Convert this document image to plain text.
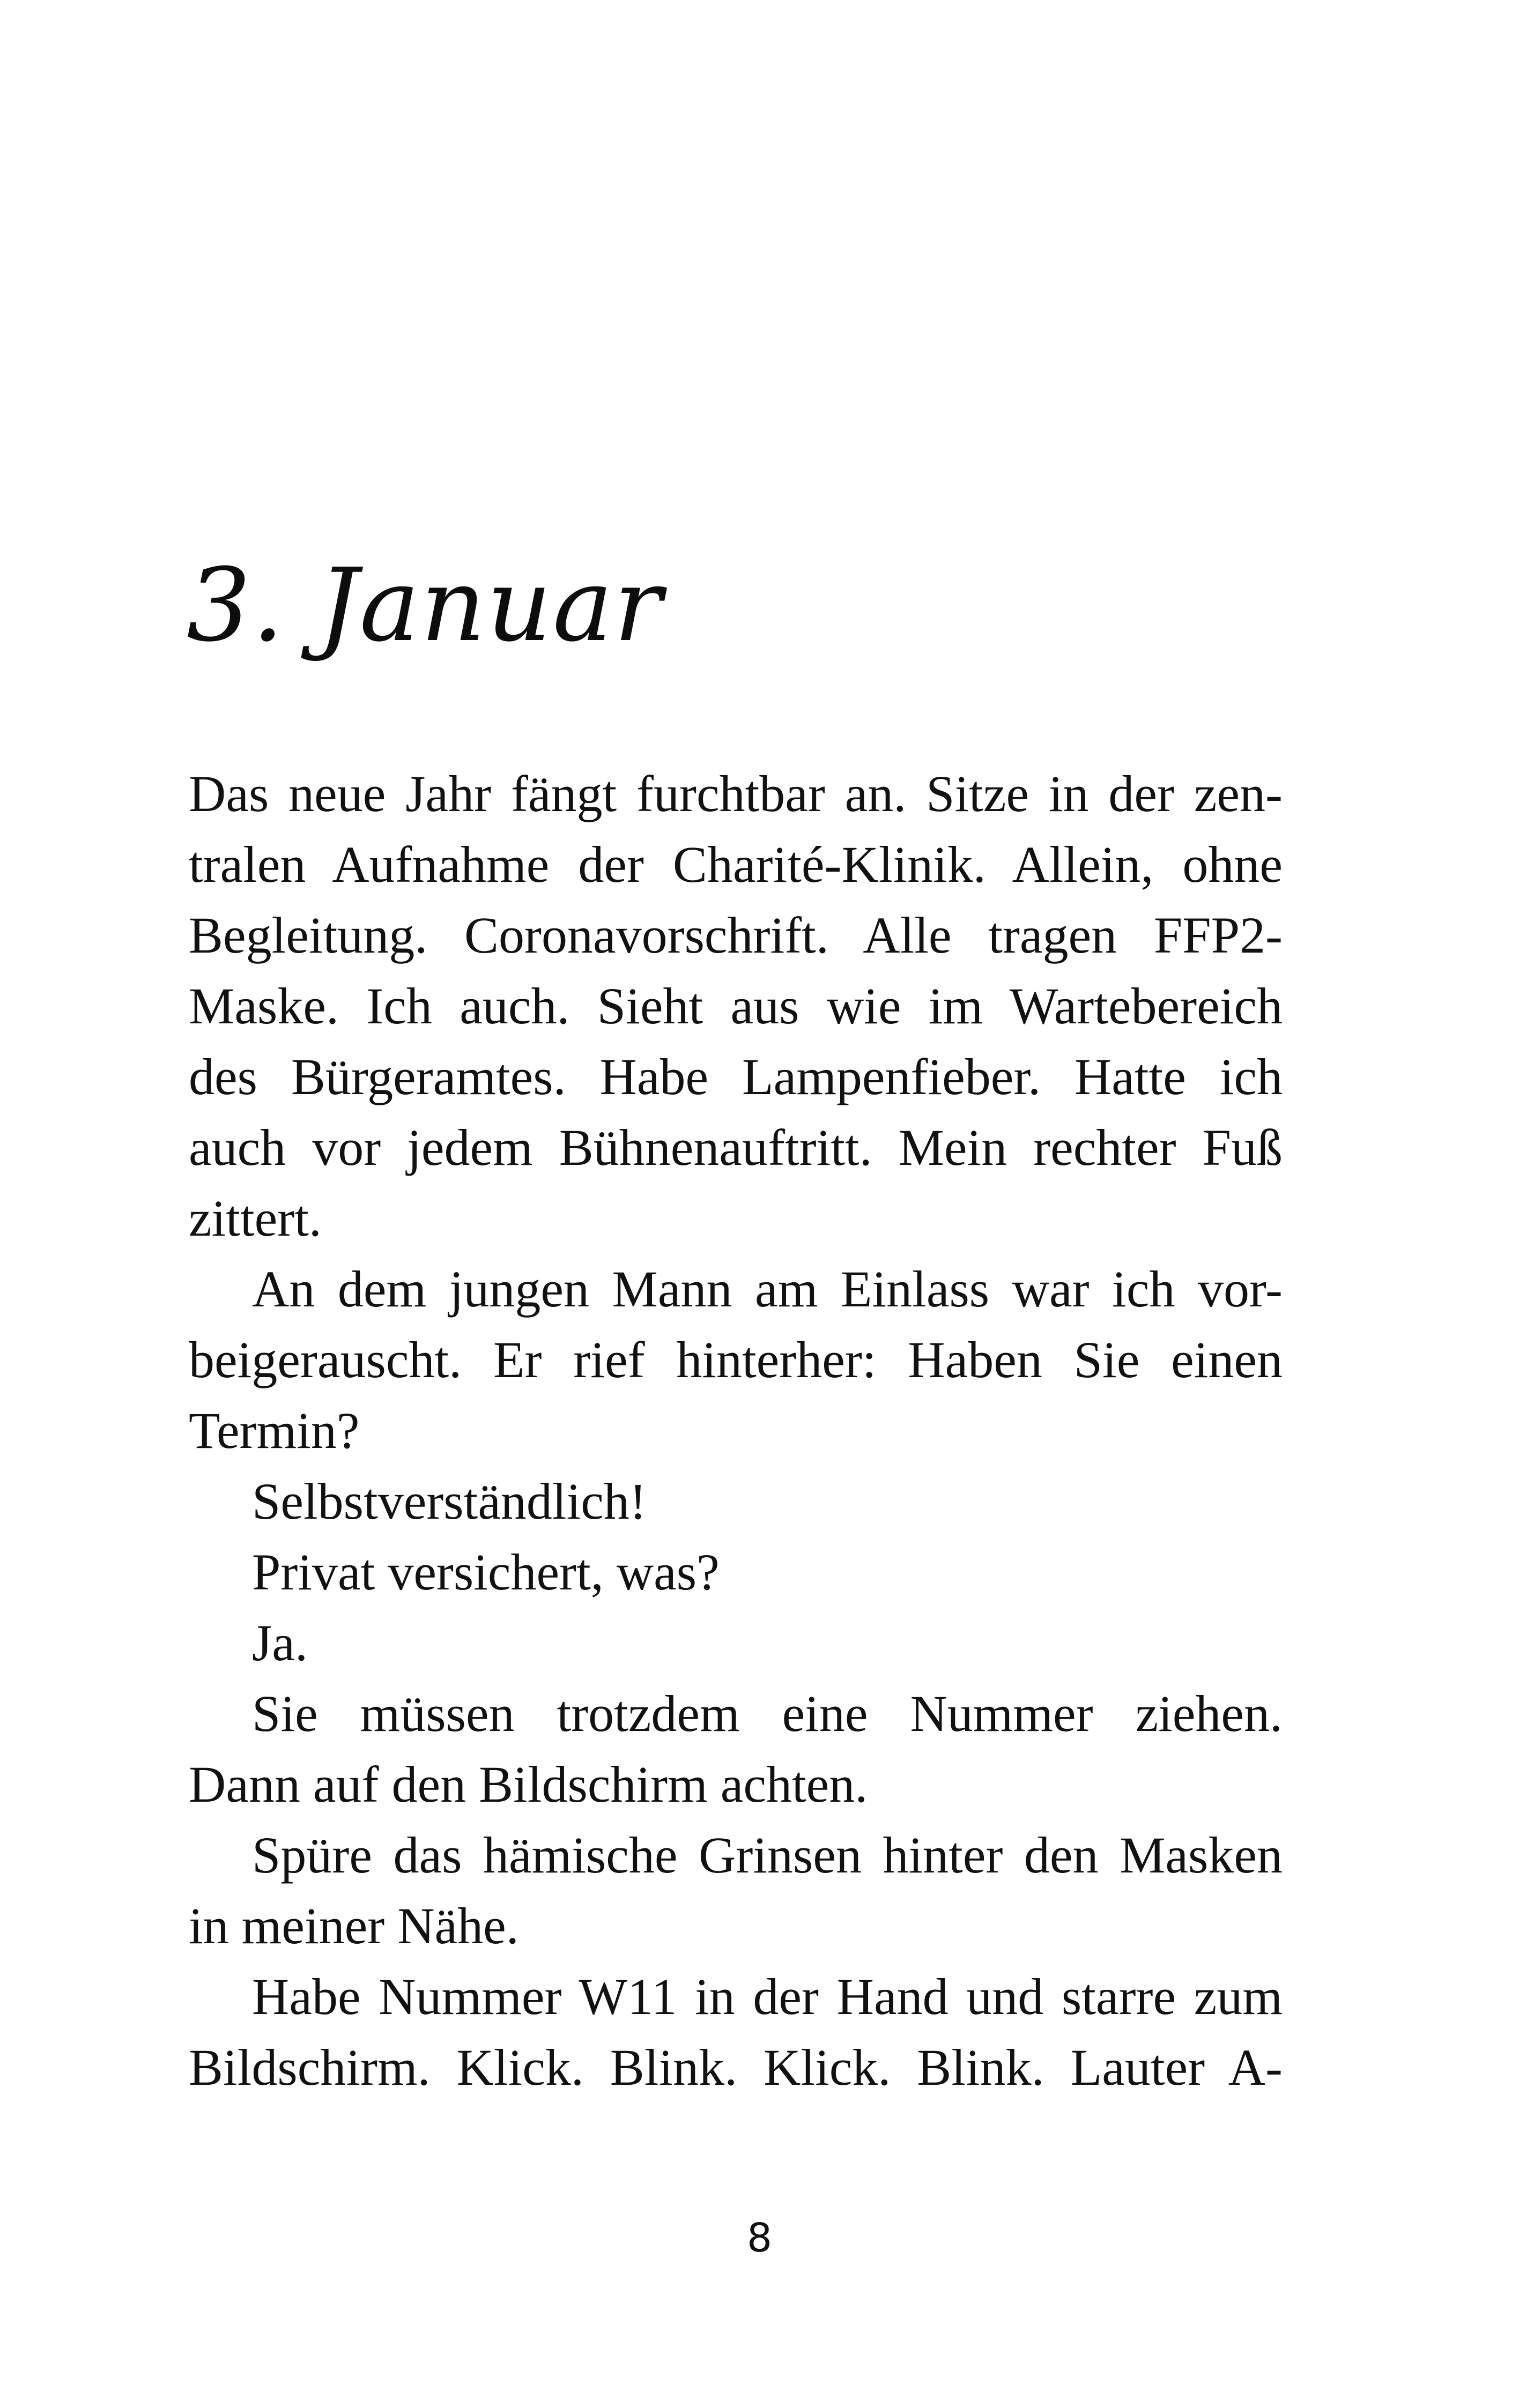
3. Januar
Das neue Jahr fängt furchtbar an. Sitze in der zen-
tralen Aufnahme der Charité-Klinik. Allein, ohne
Begleitung. Coronavorschrift. Alle tragen FFP2-
Maske. Ich auch. Sieht aus wie im Wartebereich
des Bürgeramtes. Habe Lampenfieber. Hatte ich
auch vor jedem Bühnenauftritt. Mein rechter Fuß
zittert.
An dem jungen Mann am Einlass war ich vor-
beigerauscht. Er rief hinterher: Haben Sie einen
Termin?
Selbstverständlich!
Privat versichert, was?
Ja.
Sie müssen trotzdem eine Nummer ziehen.
Dann auf den Bildschirm achten.
Spüre das hämische Grinsen hinter den Masken
in meiner Nähe.
Habe Nummer W11 in der Hand und starre zum
Bildschirm. Klick. Blink. Klick. Blink. Lauter A-
8
